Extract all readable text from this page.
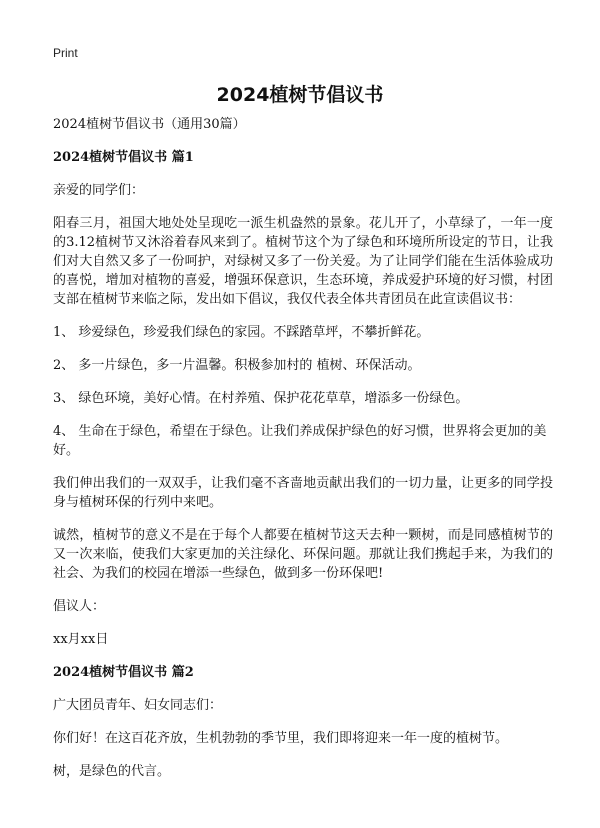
Print
2024植树节倡议书

2024植树节倡议书（通用30篇）

2024植树节倡议书 篇1

亲爱的同学们：

阳春三月，祖国大地处处呈现吃一派生机盎然的景象。花儿开了，小草绿了，一年一度的3.12植树节又沐浴着春风来到了。植树节这个为了绿色和环境所所设定的节日，让我们对大自然又多了一份呵护，对绿树又多了一份关爱。为了让同学们能在生活体验成功的喜悦，增加对植物的喜爱，增强环保意识，生态环境，养成爱护环境的好习惯，村团支部在植树节来临之际，发出如下倡议，我仅代表全体共青团员在此宣读倡议书：

1、 珍爱绿色，珍爱我们绿色的家园。不踩踏草坪，不攀折鲜花。

2、 多一片绿色，多一片温馨。积极参加村的 植树、环保活动。

3、 绿色环境，美好心情。在村养殖、保护花花草草，增添多一份绿色。

4、 生命在于绿色，希望在于绿色。让我们养成保护绿色的好习惯，世界将会更加的美好。

我们伸出我们的一双双手，让我们毫不吝啬地贡献出我们的一切力量，让更多的同学投身与植树环保的行列中来吧。

诚然，植树节的意义不是在于每个人都要在植树节这天去种一颗树，而是同感植树节的又一次来临，使我们大家更加的关注绿化、环保问题。那就让我们携起手来，为我们的社会、为我们的校园在增添一些绿色，做到多一份环保吧!

倡议人：

xx月xx日

2024植树节倡议书 篇2

广大团员青年、妇女同志们：

你们好！在这百花齐放，生机勃勃的季节里，我们即将迎来一年一度的植树节。

树，是绿色的代言。
